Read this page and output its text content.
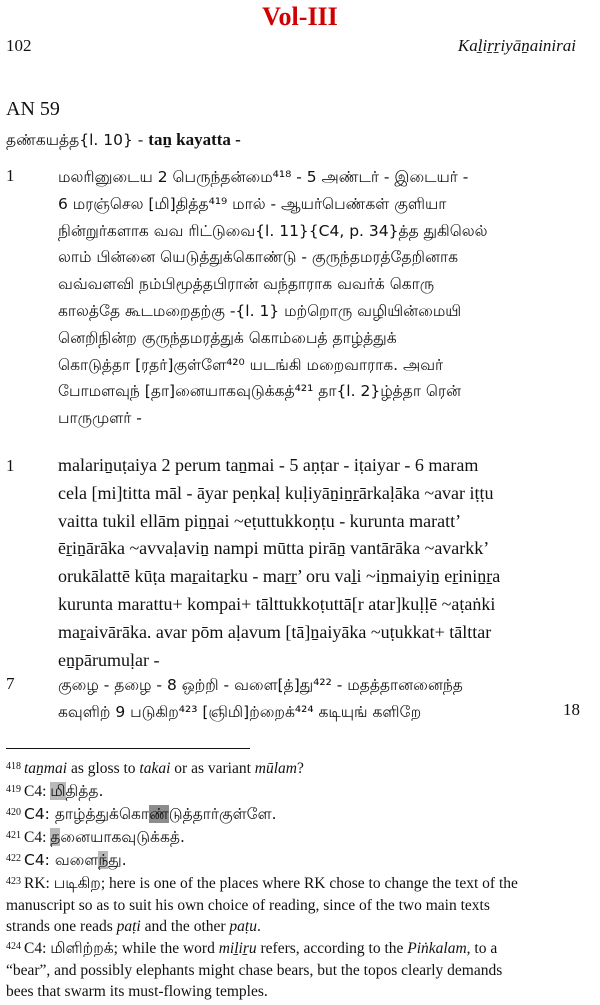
Vol-III
102	Kaḻiṟṟiyāṉainirai
AN 59
தண்கயத்த{l. 10} - taṉ kayatta -
1	மலரினுடைய 2 பெருந்தன்மை⁴¹⁸ - 5 அண்டர் - இடையர் -
6 மரஞ்செல [மி]தித்த⁴¹⁹ மால் - ஆயர்பெண்கள் குளியா
நின்றுர்களாக வவ ரிட்டுவை{l. 11}{C4, p. 34}த்த துகிலெல்
லாம் பின்னை யெடுத்துக்கொண்டு - குருந்தமரத்தேறினாக
வவ்வளவி நம்பிமூத்தபிரான் வந்தாராக வவர்க் கொரு
காலத்தே கூடமறைதற்கு -{l. 1} மற்றொரு வழியின்மையி
னெறிநின்ற குருந்தமரத்துக் கொம்பைத் தாழ்த்துக்
கொடுத்தா [ரதர்]குள்ளே⁴²⁰ யடங்கி மறைவாராக. அவர்
போமளவுந் [தா]னையாகவுடுக்கத்⁴²¹ தா{l. 2}ழ்த்தா ரென்
பாருமுளர் -
1 malariṉuṭaiya 2 perum taṉmai - 5 aṇṭar - iṭaiyar - 6 maram
cela [mi]titta māl - āyar peṇkaḷ kuḷiyāṉiṉṟārkaḷāka ~avar iṭṭu
vaitta tukil ellām piṉṉai ~eṭuttukkoṇṭu - kurunta maratt’
ēṟiṉārāka ~avvaḷaviṉ nampi mūtta pirāṉ vantārāka ~avarkk’
orukālattē kūṭa maṟaitaṟku - maṟṟ’ oru vaḻi ~iṉmaiyiṉ eṟiniṉṟa
kurunta marattu+ kompai+ tālttukkoṭuttā[r atar]kuḷḷē ~aṭaṅki
maṟaivārāka. avar pōm aḷavum [tā]ṉaiyāka ~uṭukkat+ tālttar
eṉpārumuḷar -
7	குழை - தழை - 8 ஒற்றி - வளை[த்]து⁴²² - மதத்தானனைந்த
கவுளிற் 9 படுகிற⁴²³ [ஞிமி]ற்றைக்⁴²⁴ கடியுங் களிறே	18
$^{418}$ taṉmai as gloss to takai or as variant mūlam?
$^{419}$ C4: மிதித்த.
$^{420}$ C4: தாழ்த்துக்கொண்டுத்தார்குள்ளே.
$^{421}$ C4: தனையாகவுடுக்கத்.
$^{422}$ C4: வளைந்து.
$^{423}$ RK: படிகிற; here is one of the places where RK chose to change the text of the
manuscript so as to suit his own choice of reading, since of the two main texts
strands one reads paṭi and the other paṭu.
$^{424}$ C4: மிளிற்றக்; while the word miḻiṟu refers, according to the Piṅkalam, to a
“bear”, and possibly elephants might chase bears, but the topos clearly demands
bees that swarm its must-flowing temples.
